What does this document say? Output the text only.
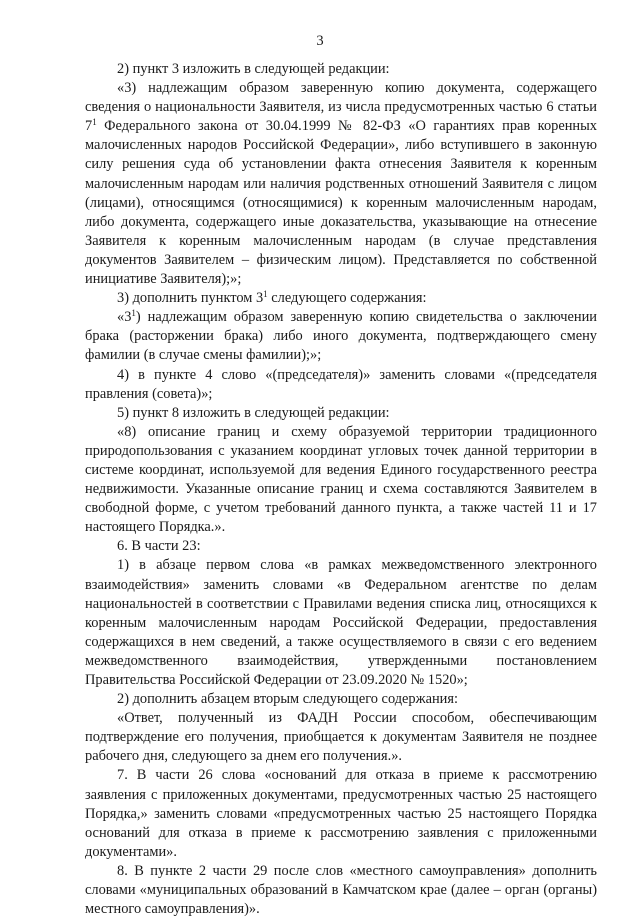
3

2) пункт 3 изложить в следующей редакции:

«3) надлежащим образом заверенную копию документа, содержащего сведения о национальности Заявителя, из числа предусмотренных частью 6 статьи $7^1$ Федерального закона от 30.04.1999 № 82-ФЗ «О гарантиях прав коренных малочисленных народов Российской Федерации», либо вступившего в законную силу решения суда об установлении факта отнесения Заявителя к коренным малочисленным народам или наличия родственных отношений Заявителя с лицом (лицами), относящимся (относящимися) к коренным малочисленным народам, либо документа, содержащего иные доказательства, указывающие на отнесение Заявителя к коренным малочисленным народам (в случае представления документов Заявителем – физическим лицом). Представляется по собственной инициативе Заявителя);»;

3) дополнить пунктом $3^1$ следующего содержания:

«$3^1$) надлежащим образом заверенную копию свидетельства о заключении брака (расторжении брака) либо иного документа, подтверждающего смену фамилии (в случае смены фамилии);»;

4) в пункте 4 слово «(председателя)» заменить словами «(председателя правления (совета)»;

5) пункт 8 изложить в следующей редакции:

«8) описание границ и схему образуемой территории традиционного природопользования с указанием координат угловых точек данной территории в системе координат, используемой для ведения Единого государственного реестра недвижимости. Указанные описание границ и схема составляются Заявителем в свободной форме, с учетом требований данного пункта, а также частей 11 и 17 настоящего Порядка.».

6. В части 23:

1) в абзаце первом слова «в рамках межведомственного электронного взаимодействия» заменить словами «в Федеральном агентстве по делам национальностей в соответствии с Правилами ведения списка лиц, относящихся к коренным малочисленным народам Российской Федерации, предоставления содержащихся в нем сведений, а также осуществляемого в связи с его ведением межведомственного взаимодействия, утвержденными постановлением Правительства Российской Федерации от 23.09.2020 № 1520»;

2) дополнить абзацем вторым следующего содержания:

«Ответ, полученный из ФАДН России способом, обеспечивающим подтверждение его получения, приобщается к документам Заявителя не позднее рабочего дня, следующего за днем его получения.».

7. В части 26 слова «оснований для отказа в приеме к рассмотрению заявления с приложенных документами, предусмотренных частью 25 настоящего Порядка,» заменить словами «предусмотренных частью 25 настоящего Порядка оснований для отказа в приеме к рассмотрению заявления с приложенными документами».

8. В пункте 2 части 29 после слов «местного самоуправления» дополнить словами «муниципальных образований в Камчатском крае (далее – орган (органы) местного самоуправления)».
